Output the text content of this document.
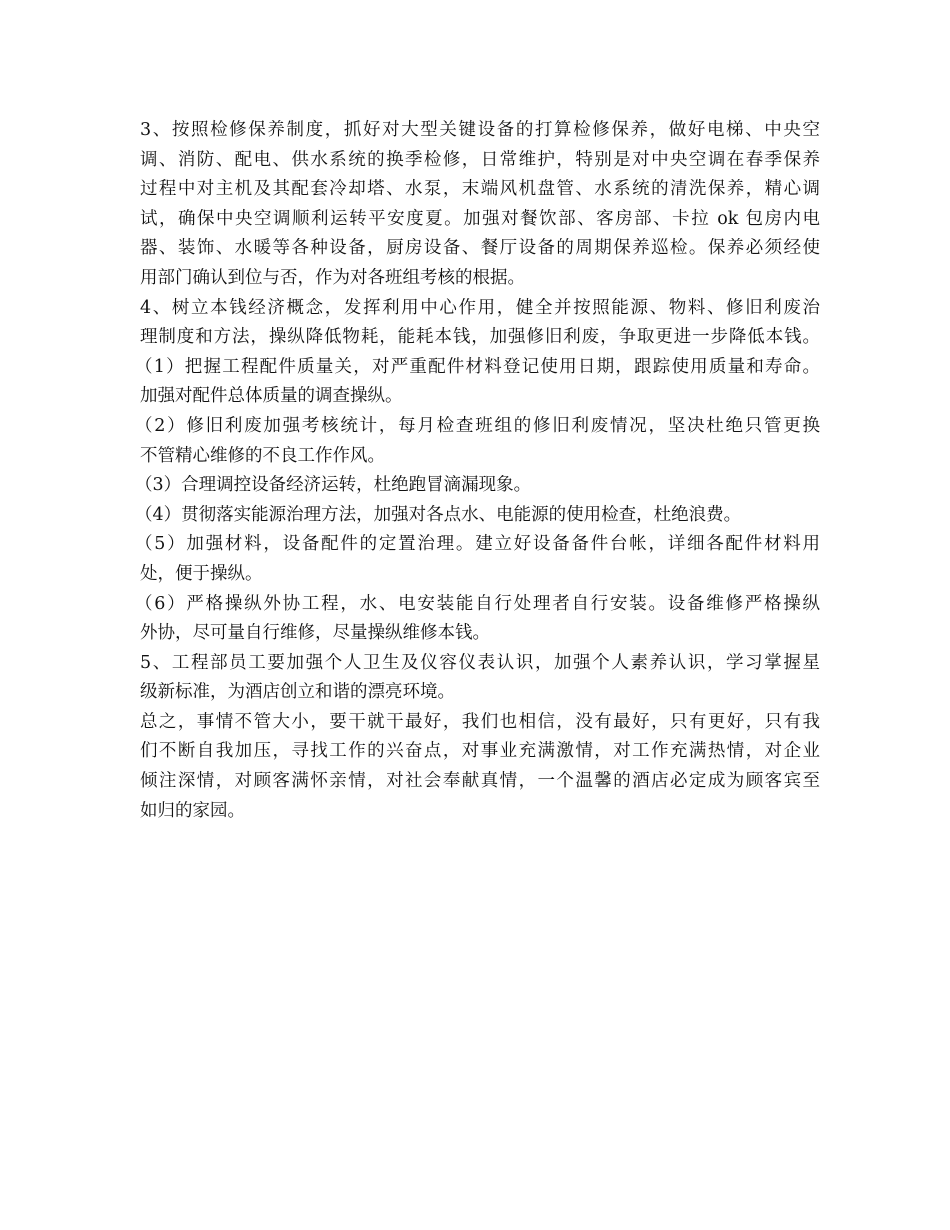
3、按照检修保养制度，抓好对大型关键设备的打算检修保养，做好电梯、中央空
调、消防、配电、供水系统的换季检修，日常维护，特别是对中央空调在春季保养
过程中对主机及其配套冷却塔、水泵，末端风机盘管、水系统的清洗保养，精心调
试，确保中央空调顺利运转平安度夏。加强对餐饮部、客房部、卡拉 ok 包房内电
器、装饰、水暖等各种设备，厨房设备、餐厅设备的周期保养巡检。保养必须经使
用部门确认到位与否，作为对各班组考核的根据。
4、树立本钱经济概念，发挥利用中心作用，健全并按照能源、物料、修旧利废治
理制度和方法，操纵降低物耗，能耗本钱，加强修旧利废，争取更进一步降低本钱。
（1）把握工程配件质量关，对严重配件材料登记使用日期，跟踪使用质量和寿命。
加强对配件总体质量的调查操纵。
（2）修旧利废加强考核统计，每月检查班组的修旧利废情况，坚决杜绝只管更换
不管精心维修的不良工作作风。
（3）合理调控设备经济运转，杜绝跑冒滴漏现象。
（4）贯彻落实能源治理方法，加强对各点水、电能源的使用检查，杜绝浪费。
（5）加强材料，设备配件的定置治理。建立好设备备件台帐，详细各配件材料用
处，便于操纵。
（6）严格操纵外协工程，水、电安装能自行处理者自行安装。设备维修严格操纵
外协，尽可量自行维修，尽量操纵维修本钱。
5、工程部员工要加强个人卫生及仪容仪表认识，加强个人素养认识，学习掌握星
级新标准，为酒店创立和谐的漂亮环境。
总之，事情不管大小，要干就干最好，我们也相信，没有最好，只有更好，只有我
们不断自我加压，寻找工作的兴奋点，对事业充满激情，对工作充满热情，对企业
倾注深情，对顾客满怀亲情，对社会奉献真情，一个温馨的酒店必定成为顾客宾至
如归的家园。
